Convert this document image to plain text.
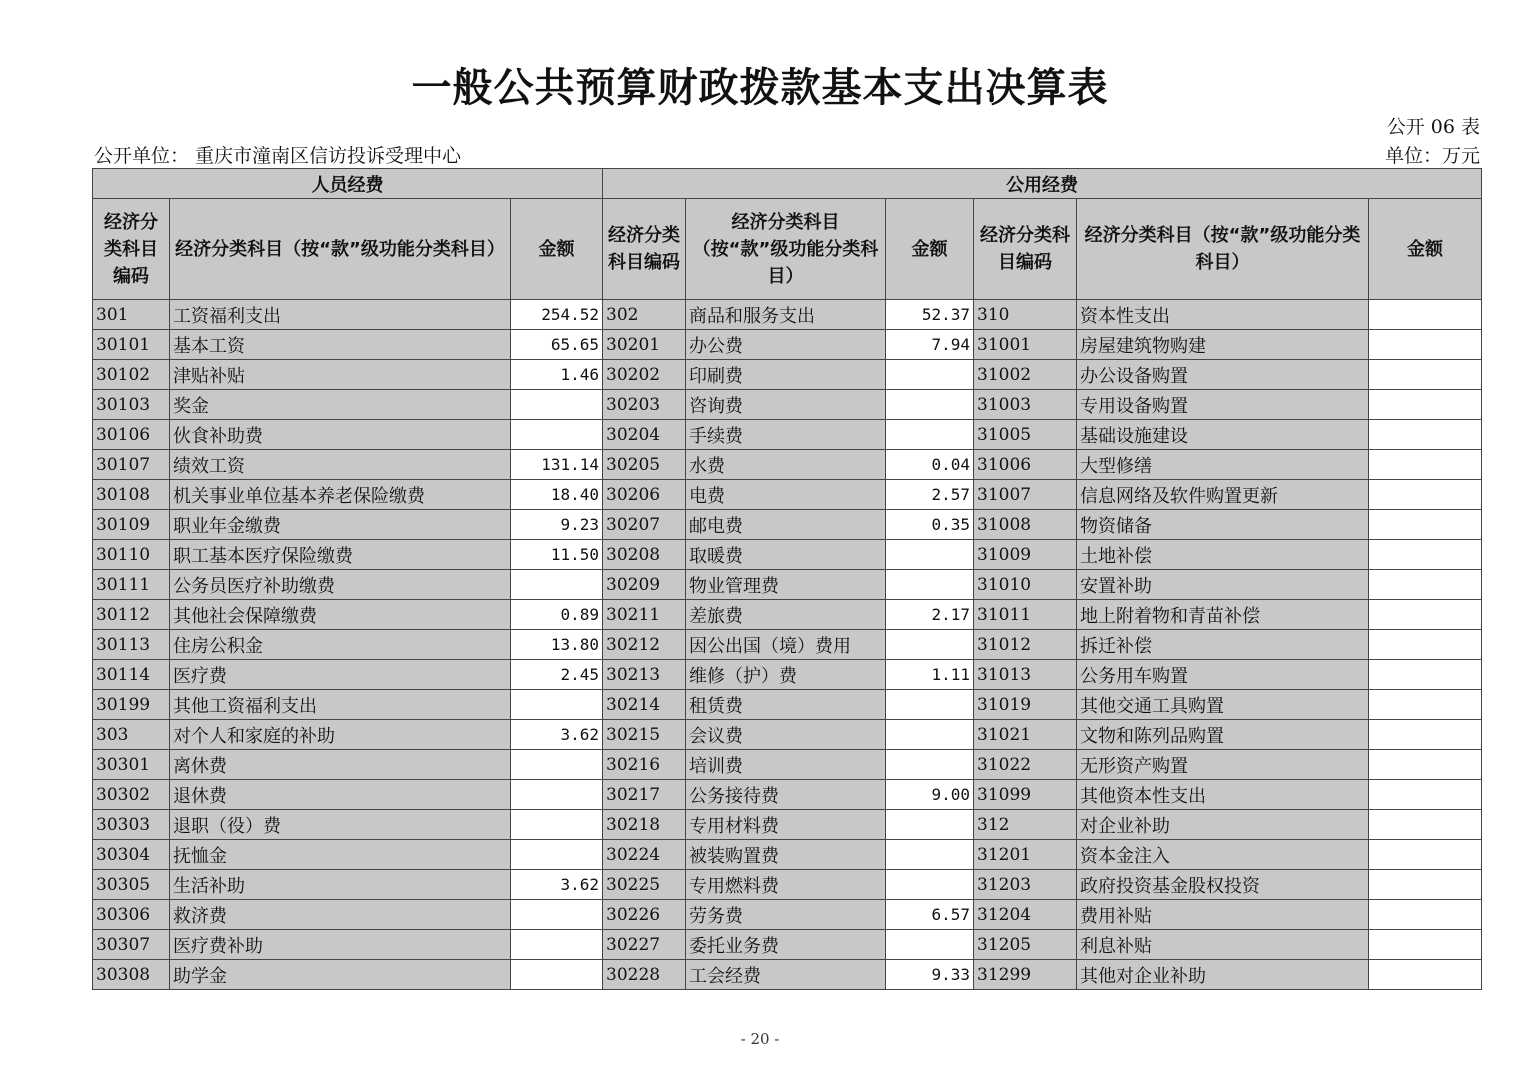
一般公共预算财政拨款基本支出决算表
公开 06 表
公开单位： 重庆市潼南区信访投诉受理中心	单位：万元
人员经费			公用经费					
经济分类科目编码	经济分类科目（按“款”级功能分类科目）	金额	经济分类科目编码	经济分类科目（按“款”级功能分类科目）	金额	经济分类科目编码	经济分类科目（按“款”级功能分类科目）	金额
301	工资福利支出	254.52	302	商品和服务支出	52.37	310	资本性支出	
30101	基本工资	65.65	30201	办公费	7.94	31001	房屋建筑物购建	
30102	津贴补贴	1.46	30202	印刷费		31002	办公设备购置	
30103	奖金		30203	咨询费		31003	专用设备购置	
30106	伙食补助费		30204	手续费		31005	基础设施建设	
30107	绩效工资	131.14	30205	水费	0.04	31006	大型修缮	
30108	机关事业单位基本养老保险缴费	18.40	30206	电费	2.57	31007	信息网络及软件购置更新	
30109	职业年金缴费	9.23	30207	邮电费	0.35	31008	物资储备	
30110	职工基本医疗保险缴费	11.50	30208	取暖费		31009	土地补偿	
30111	公务员医疗补助缴费		30209	物业管理费		31010	安置补助	
30112	其他社会保障缴费	0.89	30211	差旅费	2.17	31011	地上附着物和青苗补偿	
30113	住房公积金	13.80	30212	因公出国（境）费用		31012	拆迁补偿	
30114	医疗费	2.45	30213	维修（护）费	1.11	31013	公务用车购置	
30199	其他工资福利支出		30214	租赁费		31019	其他交通工具购置	
303	对个人和家庭的补助	3.62	30215	会议费		31021	文物和陈列品购置	
30301	离休费		30216	培训费		31022	无形资产购置	
30302	退休费		30217	公务接待费	9.00	31099	其他资本性支出	
30303	退职（役）费		30218	专用材料费		312	对企业补助	
30304	抚恤金		30224	被装购置费		31201	资本金注入	
30305	生活补助	3.62	30225	专用燃料费		31203	政府投资基金股权投资	
30306	救济费		30226	劳务费	6.57	31204	费用补贴	
30307	医疗费补助		30227	委托业务费		31205	利息补贴	
30308	助学金		30228	工会经费	9.33	31299	其他对企业补助	
- 20 -
